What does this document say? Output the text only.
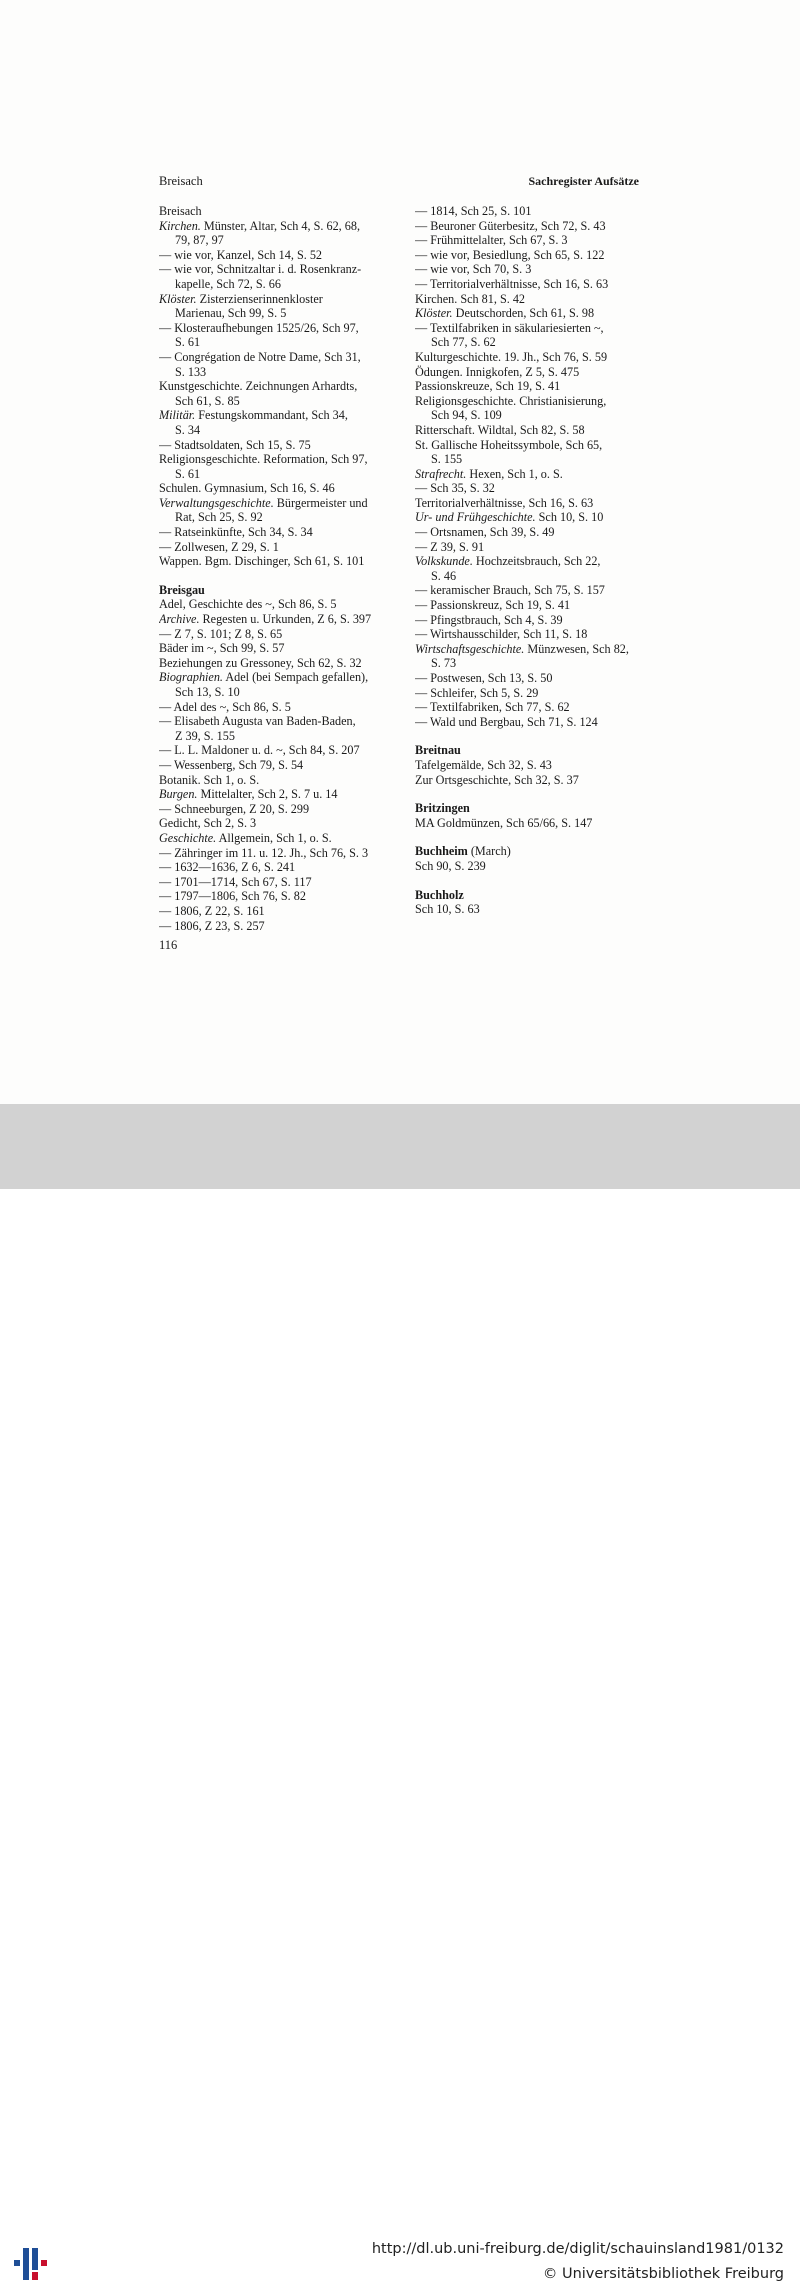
Breisach	Sachregister Aufsätze
Breisach
Kirchen. Münster, Altar, Sch 4, S. 62, 68,
79, 87, 97
— wie vor, Kanzel, Sch 14, S. 52
— wie vor, Schnitzaltar i. d. Rosenkranz-
kapelle, Sch 72, S. 66
Klöster. Zisterzienserinnenkloster
Marienau, Sch 99, S. 5
— Klosteraufhebungen 1525/26, Sch 97,
S. 61
— Congrégation de Notre Dame, Sch 31,
S. 133
Kunstgeschichte. Zeichnungen Arhardts,
Sch 61, S. 85
Militär. Festungskommandant, Sch 34,
S. 34
— Stadtsoldaten, Sch 15, S. 75
Religionsgeschichte. Reformation, Sch 97,
S. 61
Schulen. Gymnasium, Sch 16, S. 46
Verwaltungsgeschichte. Bürgermeister und
Rat, Sch 25, S. 92
— Ratseinkünfte, Sch 34, S. 34
— Zollwesen, Z 29, S. 1
Wappen. Bgm. Dischinger, Sch 61, S. 101
Breisgau
Adel, Geschichte des ~, Sch 86, S. 5
Archive. Regesten u. Urkunden, Z 6, S. 397
— Z 7, S. 101; Z 8, S. 65
Bäder im ~, Sch 99, S. 57
Beziehungen zu Gressoney, Sch 62, S. 32
Biographien. Adel (bei Sempach gefallen),
Sch 13, S. 10
— Adel des ~, Sch 86, S. 5
— Elisabeth Augusta van Baden-Baden,
Z 39, S. 155
— L. L. Maldoner u. d. ~, Sch 84, S. 207
— Wessenberg, Sch 79, S. 54
Botanik. Sch 1, o. S.
Burgen. Mittelalter, Sch 2, S. 7 u. 14
— Schneeburgen, Z 20, S. 299
Gedicht, Sch 2, S. 3
Geschichte. Allgemein, Sch 1, o. S.
— Zähringer im 11. u. 12. Jh., Sch 76, S. 3
— 1632—1636, Z 6, S. 241
— 1701—1714, Sch 67, S. 117
— 1797—1806, Sch 76, S. 82
— 1806, Z 22, S. 161
— 1806, Z 23, S. 257
— 1814, Sch 25, S. 101
— Beuroner Güterbesitz, Sch 72, S. 43
— Frühmittelalter, Sch 67, S. 3
— wie vor, Besiedlung, Sch 65, S. 122
— wie vor, Sch 70, S. 3
— Territorialverhältnisse, Sch 16, S. 63
Kirchen. Sch 81, S. 42
Klöster. Deutschorden, Sch 61, S. 98
— Textilfabriken in säkulariesierten ~,
Sch 77, S. 62
Kulturgeschichte. 19. Jh., Sch 76, S. 59
Ödungen. Innigkofen, Z 5, S. 475
Passionskreuze, Sch 19, S. 41
Religionsgeschichte. Christianisierung,
Sch 94, S. 109
Ritterschaft. Wildtal, Sch 82, S. 58
St. Gallische Hoheitssymbole, Sch 65,
S. 155
Strafrecht. Hexen, Sch 1, o. S.
— Sch 35, S. 32
Territorialverhältnisse, Sch 16, S. 63
Ur- und Frühgeschichte. Sch 10, S. 10
— Ortsnamen, Sch 39, S. 49
— Z 39, S. 91
Volkskunde. Hochzeitsbrauch, Sch 22,
S. 46
— keramischer Brauch, Sch 75, S. 157
— Passionskreuz, Sch 19, S. 41
— Pfingstbrauch, Sch 4, S. 39
— Wirtshausschilder, Sch 11, S. 18
Wirtschaftsgeschichte. Münzwesen, Sch 82,
S. 73
— Postwesen, Sch 13, S. 50
— Schleifer, Sch 5, S. 29
— Textilfabriken, Sch 77, S. 62
— Wald und Bergbau, Sch 71, S. 124
Breitnau
Tafelgemälde, Sch 32, S. 43
Zur Ortsgeschichte, Sch 32, S. 37
Britzingen
MA Goldmünzen, Sch 65/66, S. 147
Buchheim (March)
Sch 90, S. 239
Buchholz
Sch 10, S. 63
116
http://dl.ub.uni-freiburg.de/diglit/schauinsland1981/0132
© Universitätsbibliothek Freiburg
